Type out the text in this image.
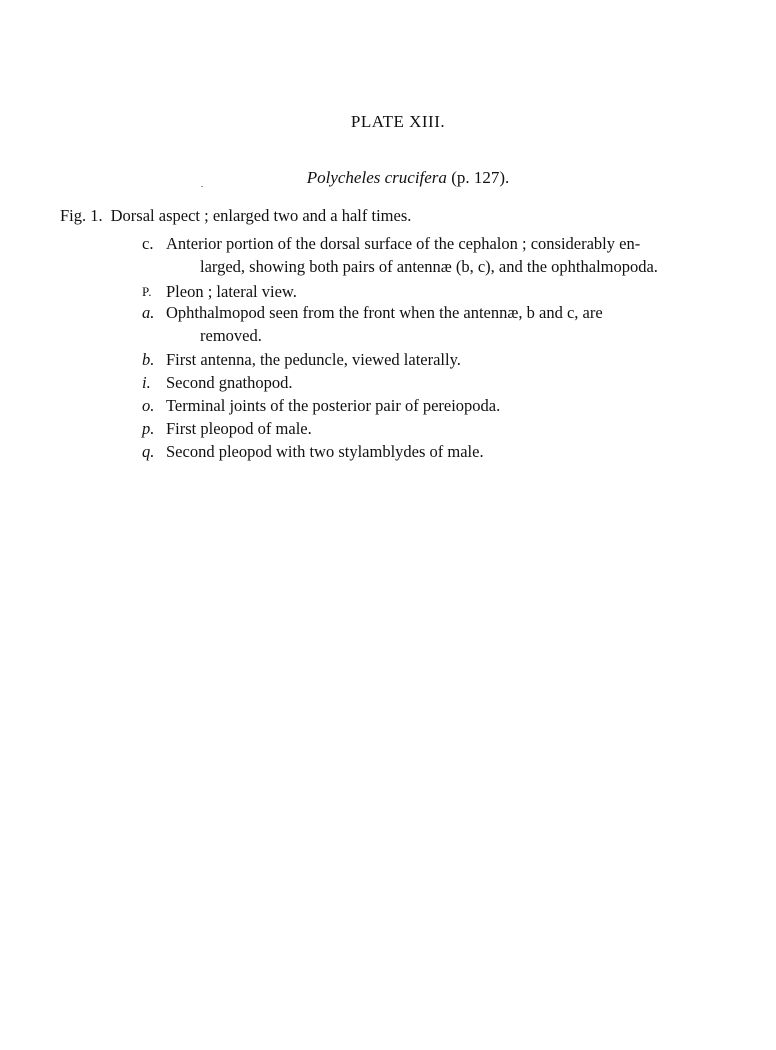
PLATE XIII.
Polycheles crucifera (p. 127).
Fig. 1. Dorsal aspect ; enlarged two and a half times.
c. Anterior portion of the dorsal surface of the cephalon ; considerably en-
larged, showing both pairs of antennæ (b, c), and the ophthalmopoda.
P. Pleon ; lateral view.
a. Ophthalmopod seen from the front when the antennæ, b and c, are
removed.
b. First antenna, the peduncle, viewed laterally.
i. Second gnathopod.
o. Terminal joints of the posterior pair of pereiopoda.
p. First pleopod of male.
q. Second pleopod with two stylamblydes of male.
